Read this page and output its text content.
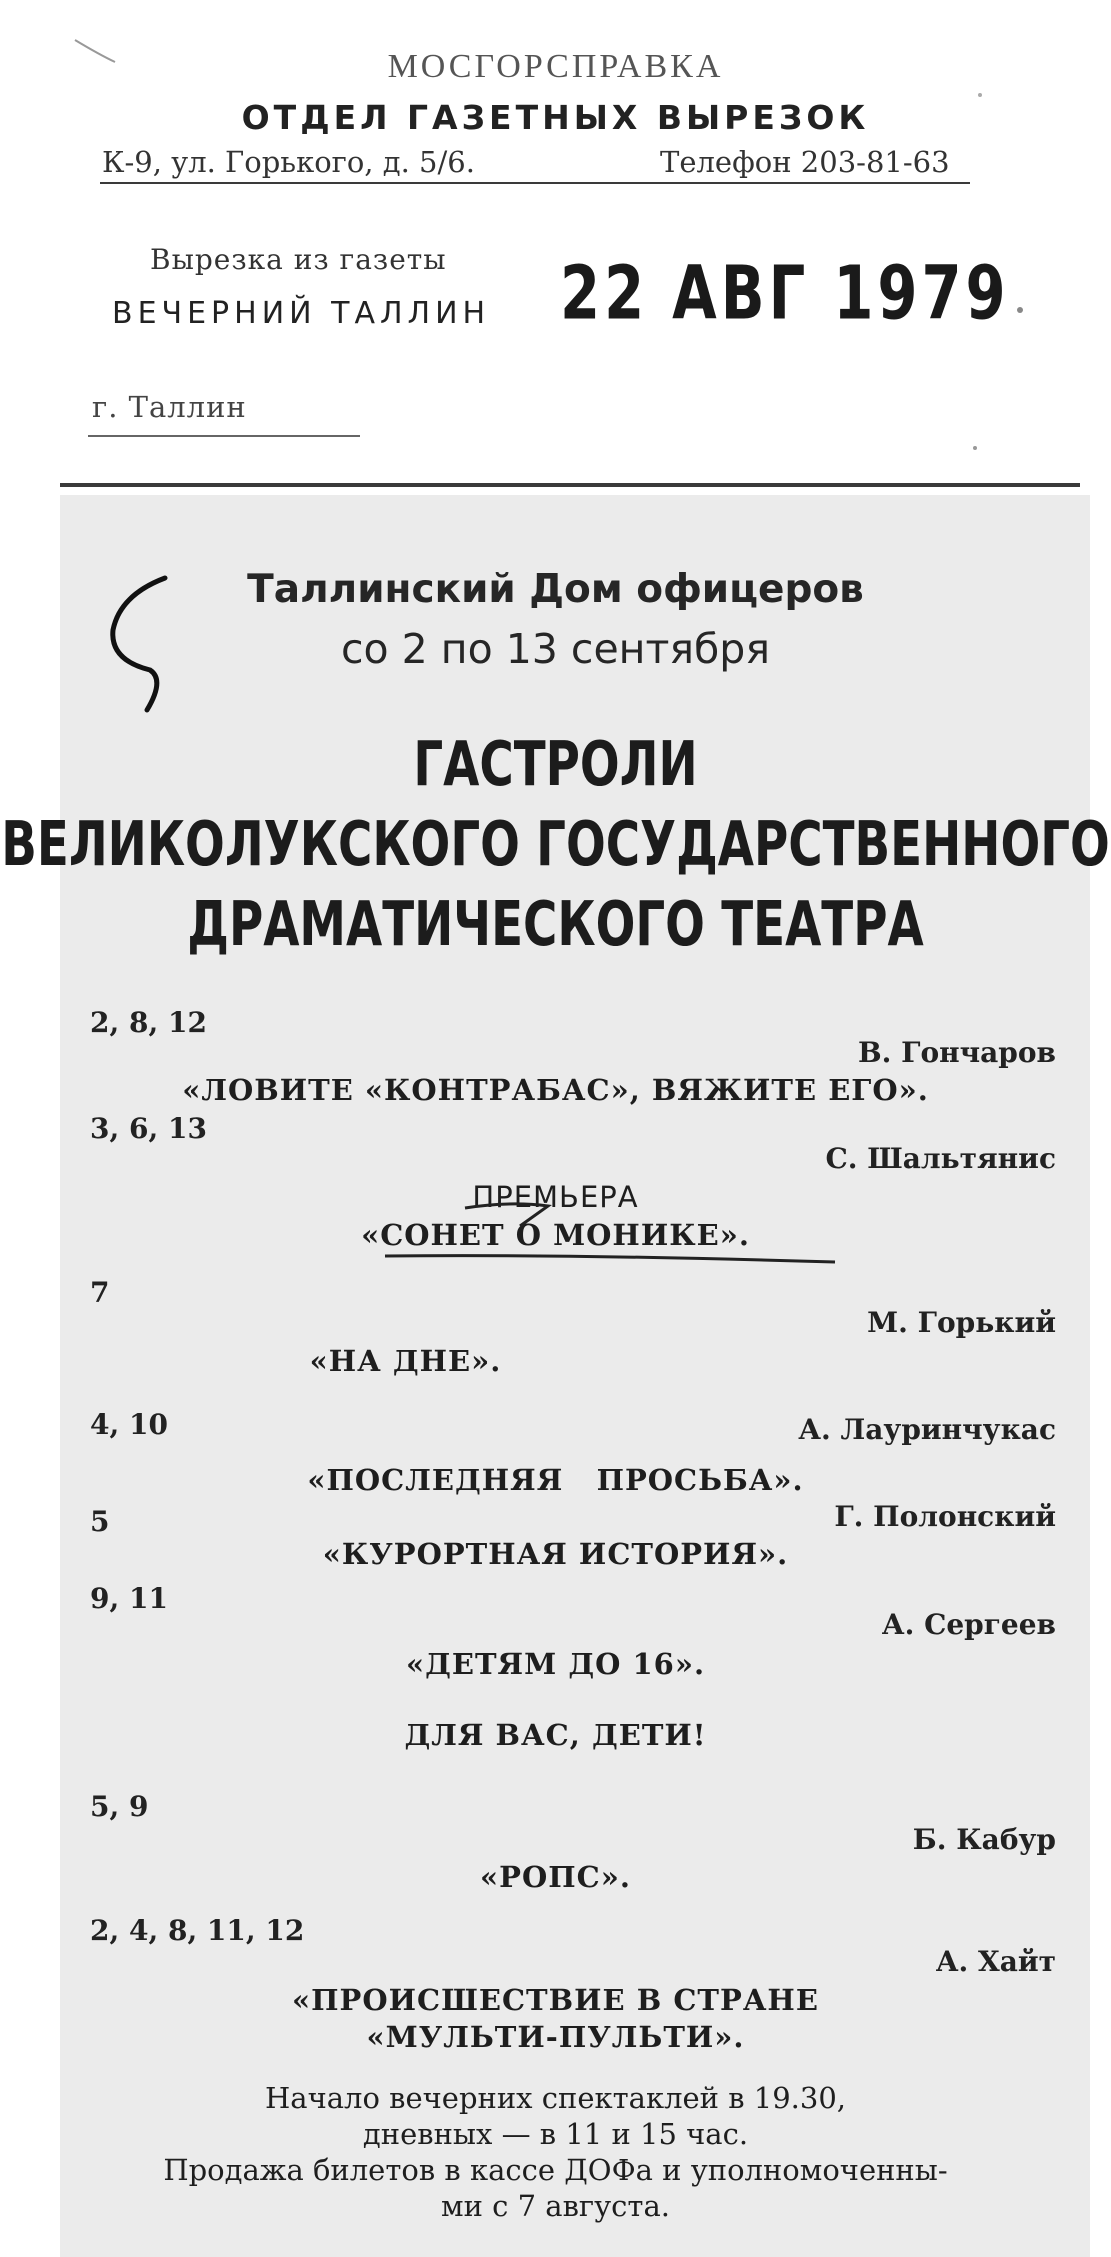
МОСГОРСПРАВКА
ОТДЕЛ ГАЗЕТНЫХ ВЫРЕЗОК
К-9, ул. Горького, д. 5/6.	Телефон 203-81-63
Вырезка из газеты
ВЕЧЕРНИЙ ТАЛЛИН 22 АВГ 1979
г. Таллин
Таллинский Дом офицеров
со 2 по 13 сентября
ГАСТРОЛИ
ВЕЛИКОЛУКСКОГО ГОСУДАРСТВЕННОГО
ДРАМАТИЧЕСКОГО ТЕАТРА
2, 8, 12
В. Гончаров
«ЛОВИТЕ «КОНТРАБАС», ВЯЖИТЕ ЕГО».
3, 6, 13
С. Шальтянис
ПРЕМЬЕРА
«СОНЕТ О МОНИКЕ».
7
М. Горький
«НА ДНЕ».
4, 10	А. Лауринчукас
«ПОСЛЕДНЯЯ   ПРОСЬБА».
5	Г. Полонский
«КУРОРТНАЯ ИСТОРИЯ».
9, 11
А. Сергеев
«ДЕТЯМ ДО 16».
ДЛЯ ВАС, ДЕТИ!
5, 9
Б. Кабур
«РОПС».
2, 4, 8, 11, 12
А. Хайт
«ПРОИСШЕСТВИЕ В СТРАНЕ
«МУЛЬТИ-ПУЛЬТИ».
Начало вечерних спектаклей в 19.30,
дневных — в 11 и 15 час.
Продажа билетов в кассе ДОФа и уполномоченны-
ми с 7 августа.
